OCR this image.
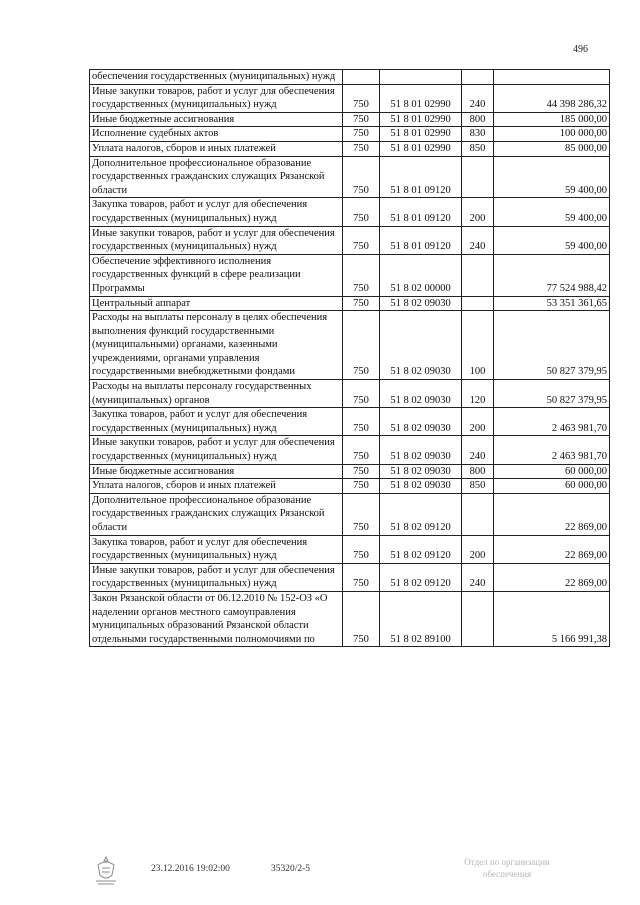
496
обеспечения государственных (муниципальных) нужд				
Иные закупки товаров, работ и услуг для обеспечения государственных (муниципальных) нужд	750	51 8 01 02990	240	44 398 286,32
Иные бюджетные ассигнования	750	51 8 01 02990	800	185 000,00
Исполнение судебных актов	750	51 8 01 02990	830	100 000,00
Уплата налогов, сборов и иных платежей	750	51 8 01 02990	850	85 000,00
Дополнительное профессиональное образование государственных гражданских служащих Рязанской области	750	51 8 01 09120		59 400,00
Закупка товаров, работ и услуг для обеспечения государственных (муниципальных) нужд	750	51 8 01 09120	200	59 400,00
Иные закупки товаров, работ и услуг для обеспечения государственных (муниципальных) нужд	750	51 8 01 09120	240	59 400,00
Обеспечение эффективного исполнения государственных функций в сфере реализации Программы	750	51 8 02 00000		77 524 988,42
Центральный аппарат	750	51 8 02 09030		53 351 361,65
Расходы на выплаты персоналу в целях обеспечения выполнения функций государственными (муниципальными) органами, казенными учреждениями, органами управления государственными внебюджетными фондами	750	51 8 02 09030	100	50 827 379,95
Расходы на выплаты персоналу государственных (муниципальных) органов	750	51 8 02 09030	120	50 827 379,95
Закупка товаров, работ и услуг для обеспечения государственных (муниципальных) нужд	750	51 8 02 09030	200	2 463 981,70
Иные закупки товаров, работ и услуг для обеспечения государственных (муниципальных) нужд	750	51 8 02 09030	240	2 463 981,70
Иные бюджетные ассигнования	750	51 8 02 09030	800	60 000,00
Уплата налогов, сборов и иных платежей	750	51 8 02 09030	850	60 000,00
Дополнительное профессиональное образование государственных гражданских служащих Рязанской области	750	51 8 02 09120		22 869,00
Закупка товаров, работ и услуг для обеспечения государственных (муниципальных) нужд	750	51 8 02 09120	200	22 869,00
Иные закупки товаров, работ и услуг для обеспечения государственных (муниципальных) нужд	750	51 8 02 09120	240	22 869,00
Закон Рязанской области от 06.12.2010 № 152-ОЗ «О наделении органов местного самоуправления муниципальных образований Рязанской области отдельными государственными полномочиями по	750	51 8 02 89100		5 166 991,38
23.12.2016 19:02:00	35320/2-5
Отдел по организации обеспечения
